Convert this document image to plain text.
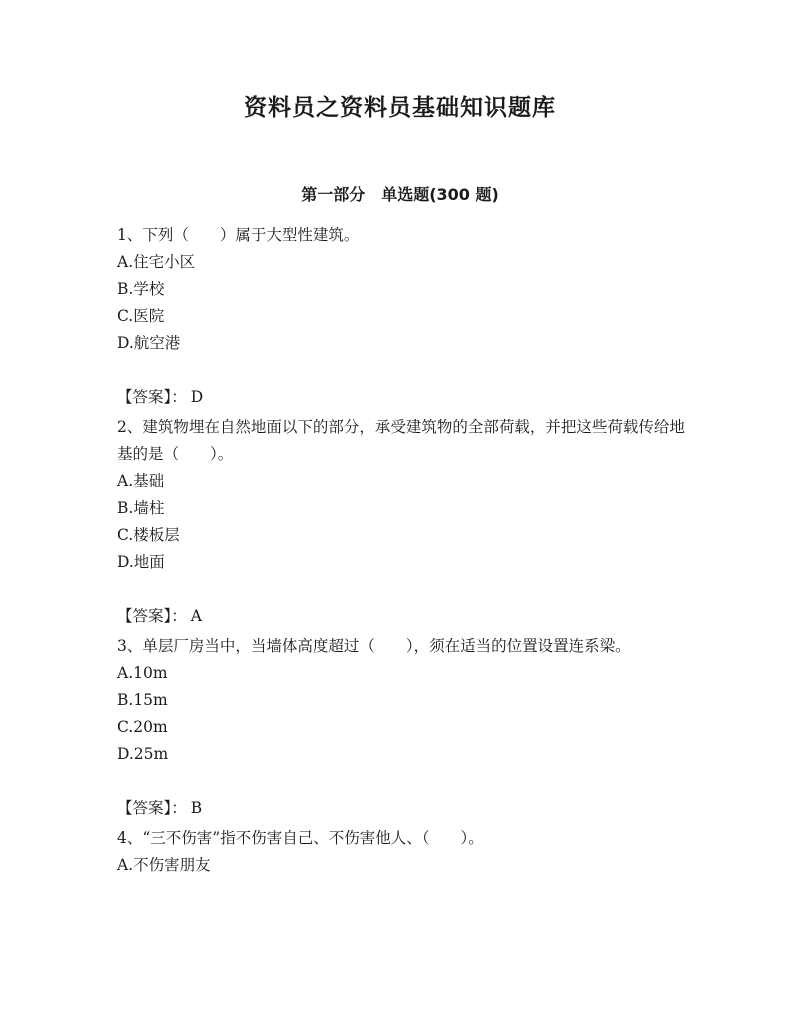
资料员之资料员基础知识题库
第一部分　单选题(300 题)

1、下列（　　）属于大型性建筑。

A.住宅小区

B.学校

C.医院

D.航空港

【答案】： D

2、建筑物埋在自然地面以下的部分，承受建筑物的全部荷载，并把这些荷载传给地基的是（　　）。

A.基础

B.墙柱

C.楼板层

D.地面

【答案】： A

3、单层厂房当中，当墙体高度超过（　　），须在适当的位置设置连系梁。

A.10m

B.15m

C.20m

D.25m

【答案】： B

4、“三不伤害”指不伤害自己、不伤害他人、（　　）。

A.不伤害朋友
